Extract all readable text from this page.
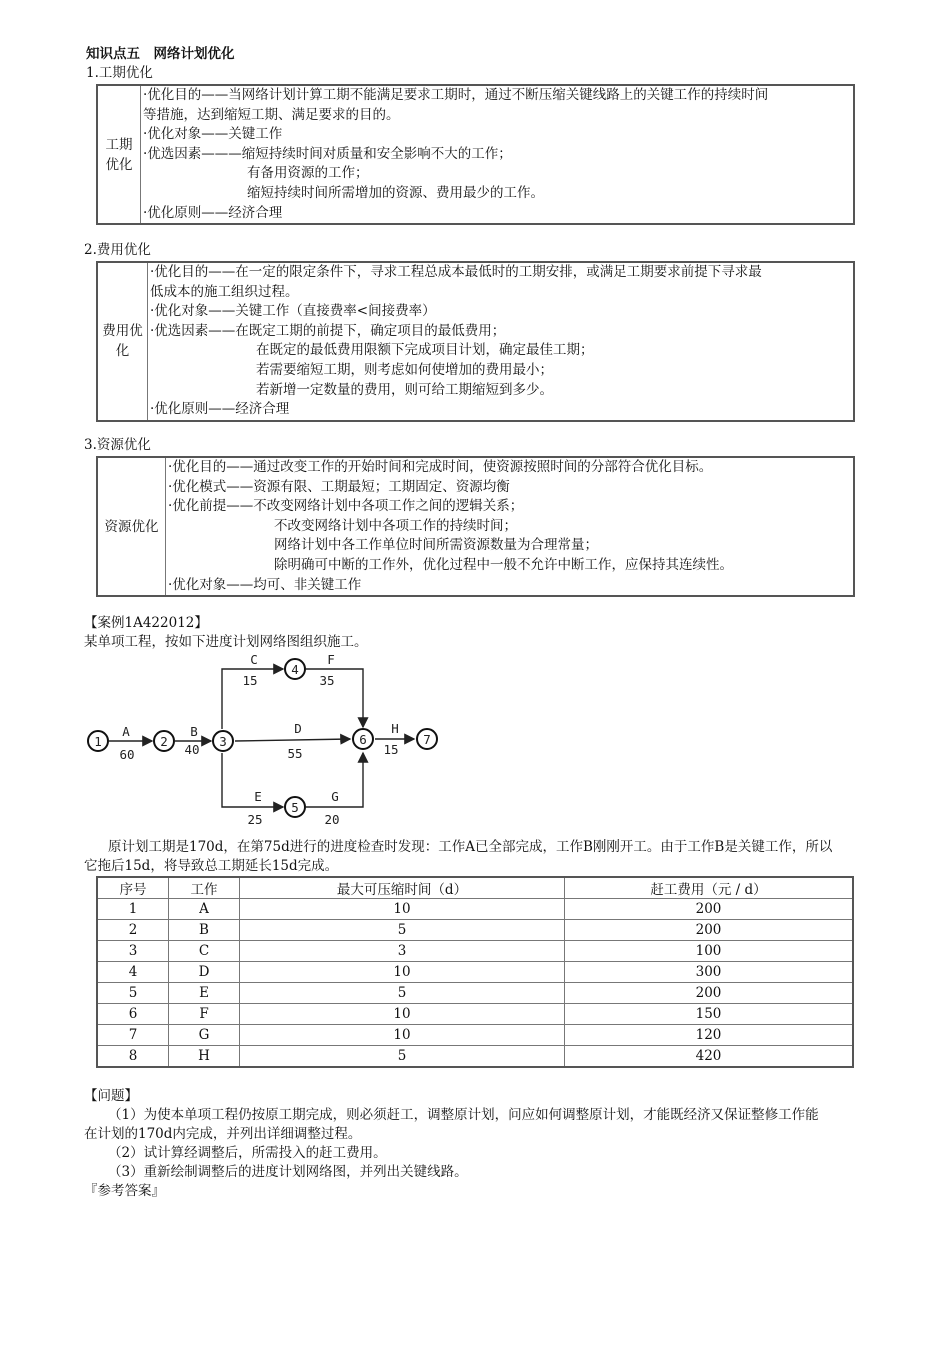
知识点五　网络计划优化
1.工期优化
工期
优化

·优化目的——当网络计划计算工期不能满足要求工期时，通过不断压缩关键线路上的关键工作的持续时间
等措施，达到缩短工期、满足要求的目的。
·优化对象——关键工作
·优选因素———缩短持续时间对质量和安全影响不大的工作；
有备用资源的工作；
缩短持续时间所需增加的资源、费用最少的工作。
·优化原则——经济合理
2.费用优化
费用优
化

·优化目的——在一定的限定条件下，寻求工程总成本最低时的工期安排，或满足工期要求前提下寻求最
低成本的施工组织过程。
·优化对象——关键工作（直接费率<间接费率）
·优选因素——在既定工期的前提下，确定项目的最低费用；
在既定的最低费用限额下完成项目计划，确定最佳工期；
若需要缩短工期，则考虑如何使增加的费用最小；
若新增一定数量的费用，则可给工期缩短到多少。
·优化原则——经济合理
3.资源优化
资源优化	
·优化目的——通过改变工作的开始时间和完成时间，使资源按照时间的分部符合优化目标。
·优化模式——资源有限、工期最短；工期固定、资源均衡
·优化前提——不改变网络计划中各项工作之间的逻辑关系；
不改变网络计划中各项工作的持续时间；
网络计划中各工作单位时间所需资源数量为合理常量；
除明确可中断的工作外，优化过程中一般不允许中断工作，应保持其连续性。
·优化对象——均可、非关键工作
【案例1A422012】
某单项工程，按如下进度计划网络图组织施工。
1	2	3
4
5
6	7
A
60
B
40
C
15
F
35
D
55
E
25
G
20
H
15
原计划工期是170d，在第75d进行的进度检查时发现：工作A已全部完成，工作B刚刚开工。由于工作B是关键工作，所以
它拖后15d，将导致总工期延长15d完成。
序号	工作	最大可压缩时间（d）	赶工费用（元 / d）
1	A	10	200
2	B	5	200
3	C	3	100
4	D	10	300
5	E	5	200
6	F	10	150
7	G	10	120
8	H	5	420
【问题】
（1）为使本单项工程仍按原工期完成，则必须赶工，调整原计划，问应如何调整原计划，才能既经济又保证整修工作能
在计划的170d内完成，并列出详细调整过程。
（2）试计算经调整后，所需投入的赶工费用。
（3）重新绘制调整后的进度计划网络图，并列出关键线路。
『参考答案』
